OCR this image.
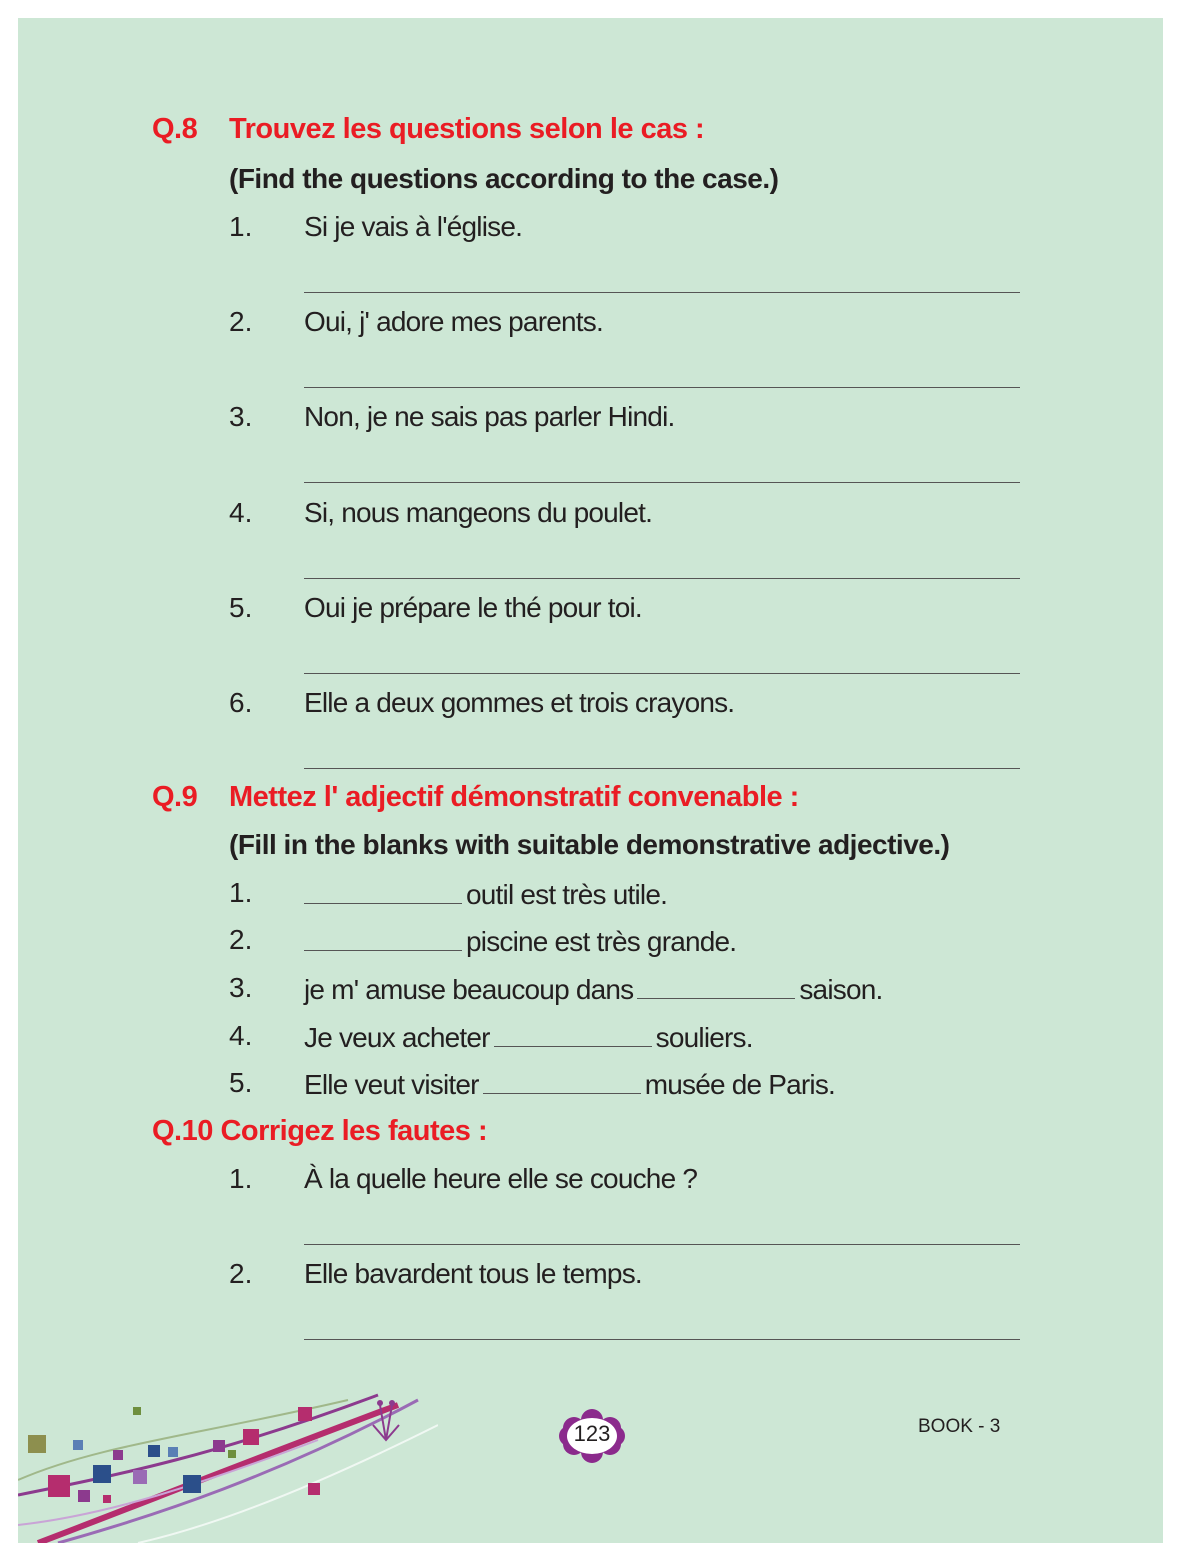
Q.8 Trouvez les questions selon le cas :
(Find the questions according to the case.)
1. Si je vais à l'église.
2. Oui, j' adore mes parents.
3. Non, je ne sais pas parler Hindi.
4. Si, nous mangeons du poulet.
5. Oui je prépare le thé pour toi.
6. Elle a deux gommes et trois crayons.
Q.9 Mettez l' adjectif démonstratif convenable :
(Fill in the blanks with suitable demonstrative adjective.)
1.	outil est très utile.
2.	piscine est très grande.
3. je m' amuse beaucoup dans	saison.
4. Je veux acheter	souliers.
5. Elle veut visiter	musée de Paris.
Q.10 Corrigez les fautes :
1. À la quelle heure elle se couche ?
2. Elle bavardent tous le temps.
123	BOOK - 3
